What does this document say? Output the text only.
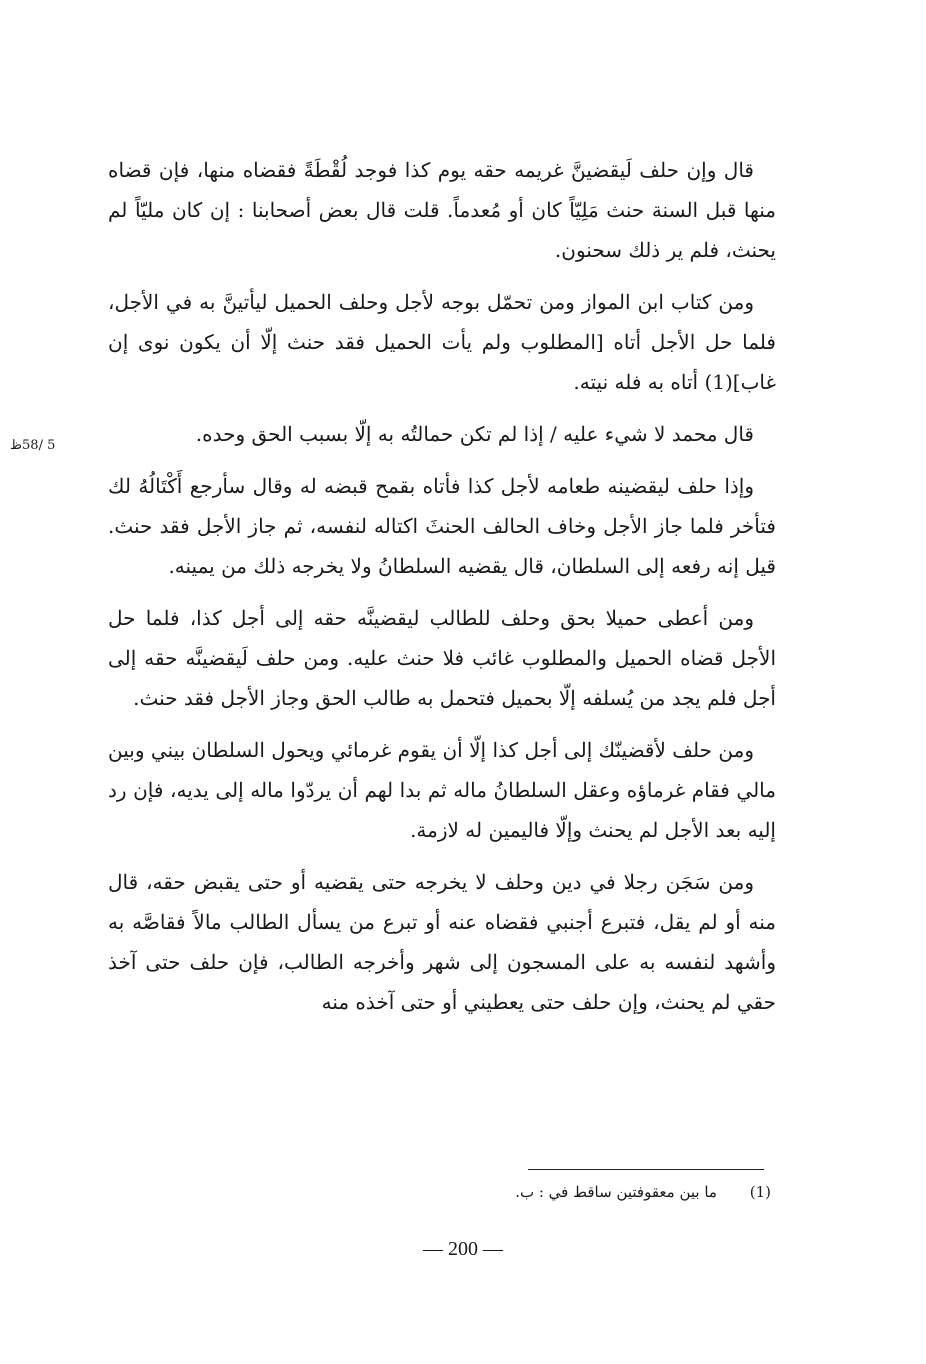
5 /58ظ

قال وإن حلف لَيقضينَّ غريمه حقه يوم كذا فوجد لُقْطَةً فقضاه منها، فإن قضاه منها قبل السنة حنث مَلِيّاً كان أو مُعدماً. قلت قال بعض أصحابنا : إن كان مليّاً لم يحنث، فلم ير ذلك سحنون.

ومن كتاب ابن المواز ومن تحمّل بوجه لأجل وحلف الحميل ليأتينَّ به في الأجل، فلما حل الأجل أتاه [المطلوب ولم يأت الحميل فقد حنث إلّا أن يكون نوى إن غاب](1) أتاه به فله نيته.

قال محمد لا شيء عليه / إذا لم تكن حمالتُه به إلّا بسبب الحق وحده.

وإذا حلف ليقضينه طعامه لأجل كذا فأتاه بقمح قبضه له وقال سأرجع أَكْتَالُهُ لك فتأخر فلما جاز الأجل وخاف الحالف الحنثَ اكتاله لنفسه، ثم جاز الأجل فقد حنث. قيل إنه رفعه إلى السلطان، قال يقضيه السلطانُ ولا يخرجه ذلك من يمينه.

ومن أعطى حميلا بحق وحلف للطالب ليقضينَّه حقه إلى أجل كذا، فلما حل الأجل قضاه الحميل والمطلوب غائب فلا حنث عليه. ومن حلف لَيقضينَّه حقه إلى أجل فلم يجد من يُسلفه إلّا بحميل فتحمل به طالب الحق وجاز الأجل فقد حنث.

ومن حلف لأقضينّك إلى أجل كذا إلّا أن يقوم غرمائي ويحول السلطان بيني وبين مالي فقام غرماؤه وعقل السلطانُ ماله ثم بدا لهم أن يردّوا ماله إلى يديه، فإن رد إليه بعد الأجل لم يحنث وإلّا فاليمين له لازمة.

ومن سَجَن رجلا في دين وحلف لا يخرجه حتى يقضيه أو حتى يقبض حقه، قال منه أو لم يقل، فتبرع أجنبي فقضاه عنه أو تبرع من يسأل الطالب مالاً فقاصَّه به وأشهد لنفسه به على المسجون إلى شهر وأخرجه الطالب، فإن حلف حتى آخذ حقي لم يحنث، وإن حلف حتى يعطيني أو حتى آخذه منه

(1) ما بين معقوفتين ساقط في : ب.
— 200 —
